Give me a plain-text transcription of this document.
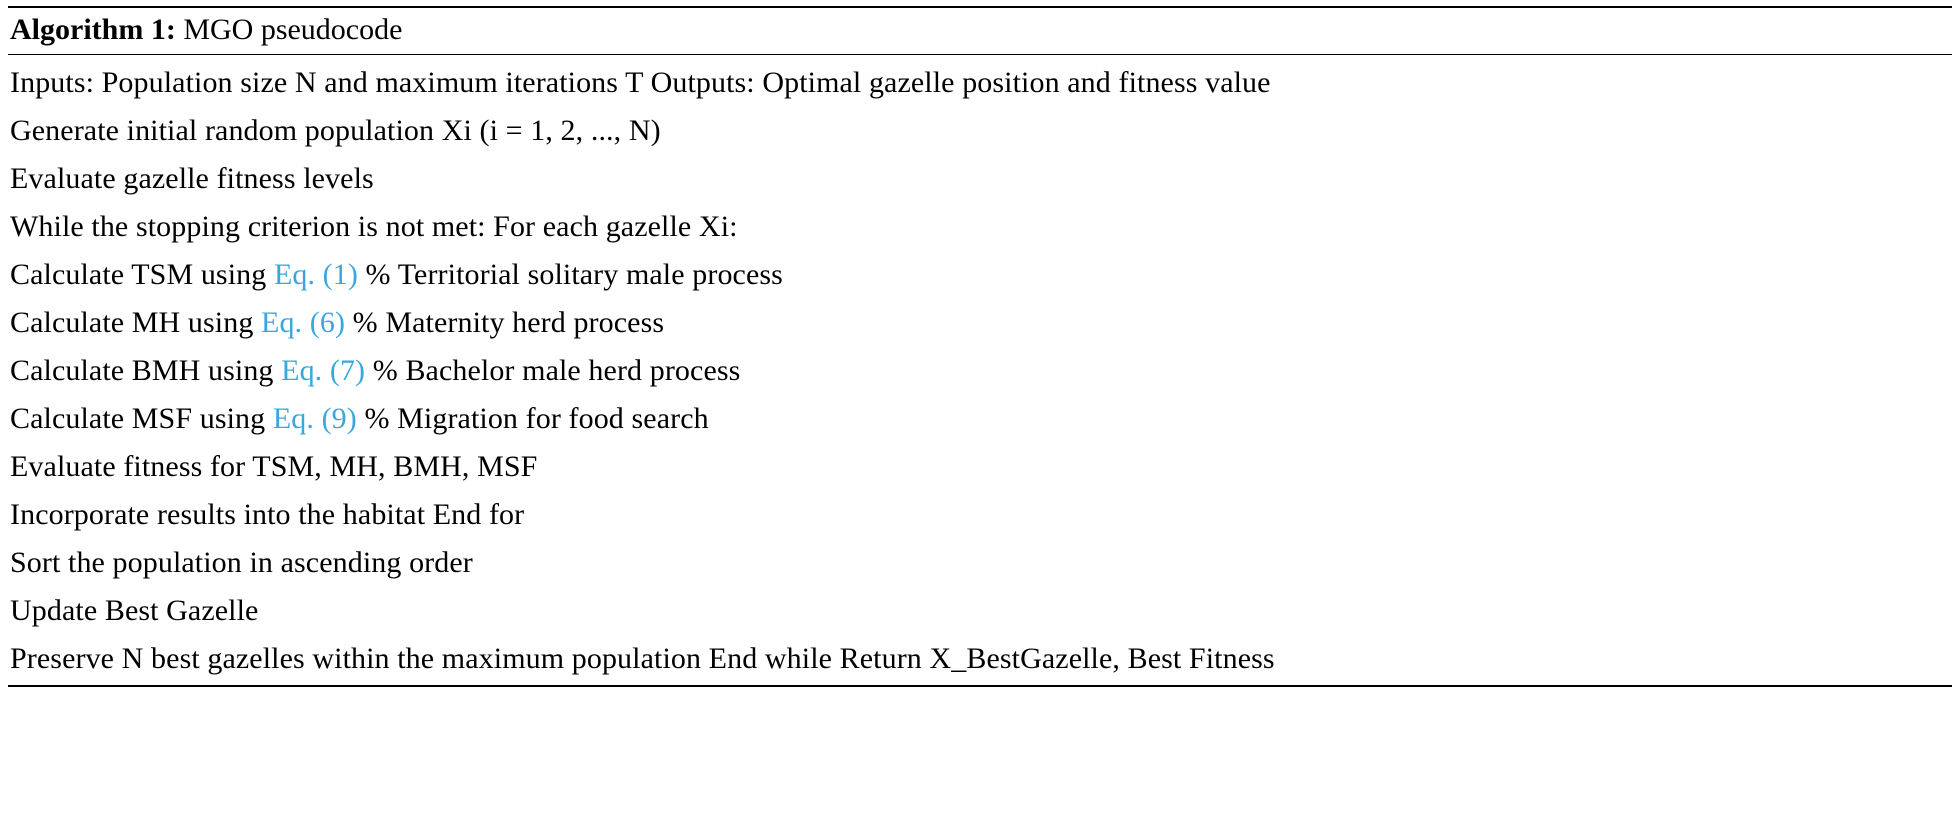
Algorithm 1: MGO pseudocode
Inputs: Population size N and maximum iterations T Outputs: Optimal gazelle position and fitness value
Generate initial random population Xi (i = 1, 2, ..., N)
Evaluate gazelle fitness levels
While the stopping criterion is not met: For each gazelle Xi:
Calculate TSM using Eq. (1) % Territorial solitary male process
Calculate MH using Eq. (6) % Maternity herd process
Calculate BMH using Eq. (7) % Bachelor male herd process
Calculate MSF using Eq. (9) % Migration for food search
Evaluate fitness for TSM, MH, BMH, MSF
Incorporate results into the habitat End for
Sort the population in ascending order
Update Best Gazelle
Preserve N best gazelles within the maximum population End while Return X_BestGazelle, Best Fitness
